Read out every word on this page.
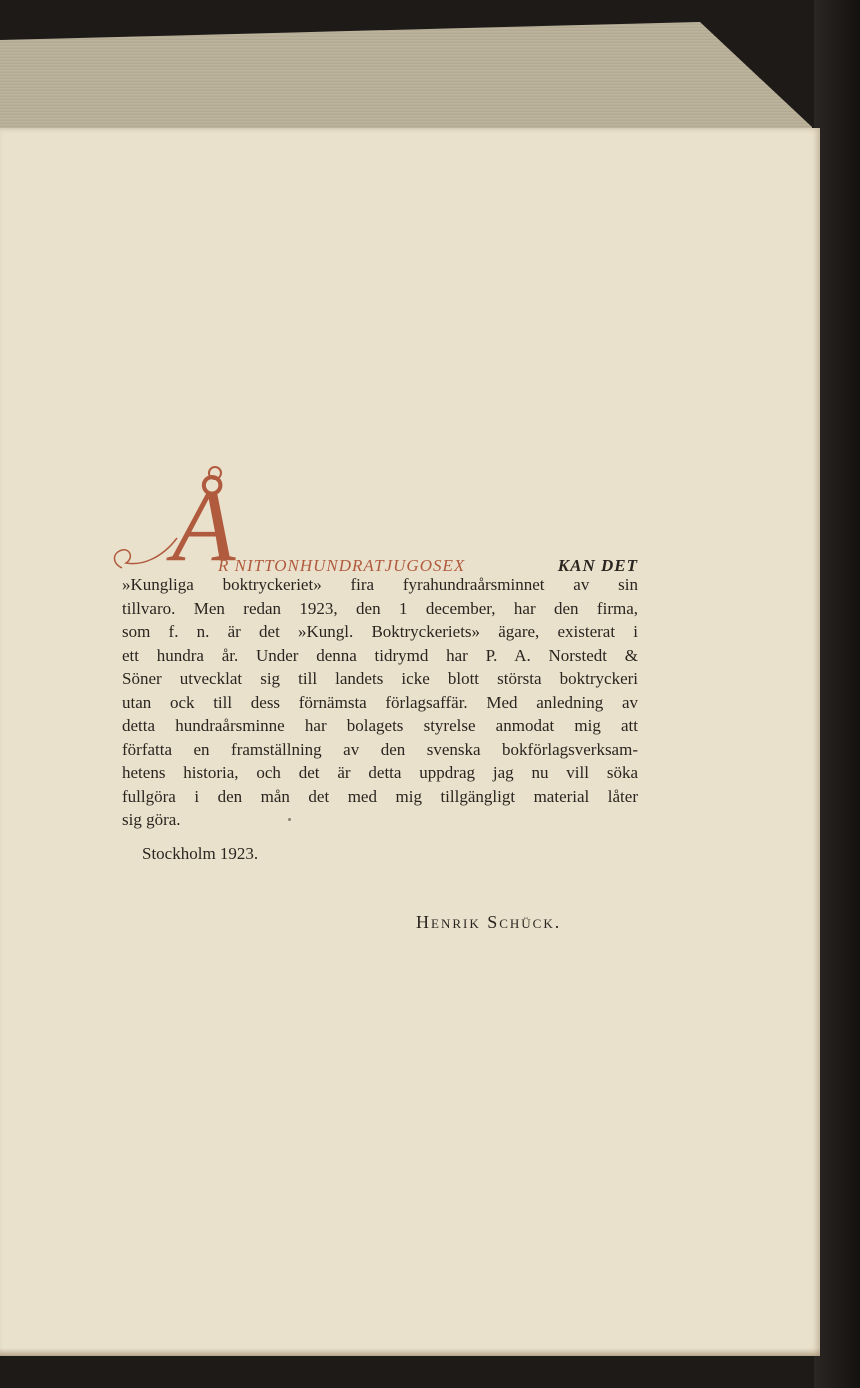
Å
R NITTONHUNDRATJUGOSEX	KAN DET

»Kungliga boktryckeriet» fira fyrahundraårsminnet av sin
tillvaro. Men redan 1923, den 1 december, har den firma,
som f. n. är det »Kungl. Boktryckeriets» ägare, existerat i
ett hundra år. Under denna tidrymd har P. A. Norstedt &
Söner utvecklat sig till landets icke blott största boktryckeri
utan ock till dess förnämsta förlagsaffär. Med anledning av
detta hundraårsminne har bolagets styrelse anmodat mig att
författa en framställning av den svenska bokförlagsverksam-
hetens historia, och det är detta uppdrag jag nu vill söka
fullgöra i den mån det med mig tillgängligt material låter
sig göra.

Stockholm 1923.
Henrik Schück.
